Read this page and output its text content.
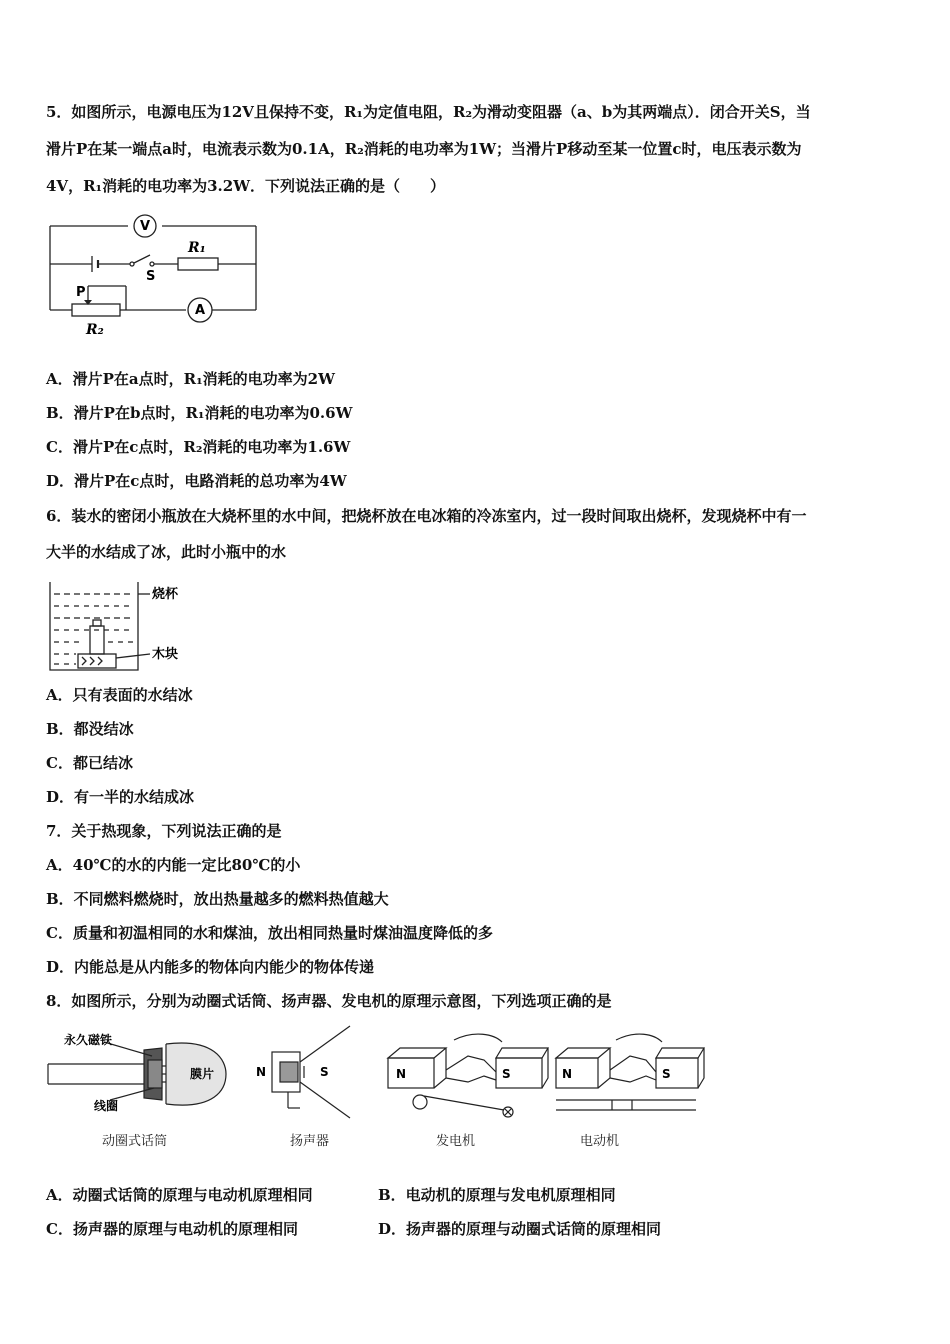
5．如图所示，电源电压为12V且保持不变，R₁为定值电阻，R₂为滑动变阻器（a、b为其两端点）．闭合开关S，当
滑片P在某一端点a时，电流表示数为0.1A，R₂消耗的电功率为1W；当滑片P移动至某一位置c时，电压表示数为
4V，R₁消耗的电功率为3.2W．下列说法正确的是（　　）
V
A
R₁
R₂
S
P
A．滑片P在a点时，R₁消耗的电功率为2W
B．滑片P在b点时，R₁消耗的电功率为0.6W
C．滑片P在c点时，R₂消耗的电功率为1.6W
D．滑片P在c点时，电路消耗的总功率为4W
6．装水的密闭小瓶放在大烧杯里的水中间，把烧杯放在电冰箱的冷冻室内，过一段时间取出烧杯，发现烧杯中有一
大半的水结成了冰，此时小瓶中的水
烧杯
木块
A．只有表面的水结冰
B．都没结冰
C．都已结冰
D．有一半的水结成冰
7．关于热现象，下列说法正确的是
A．40℃的水的内能一定比80℃的小
B．不同燃料燃烧时，放出热量越多的燃料热值越大
C．质量和初温相同的水和煤油，放出相同热量时煤油温度降低的多
D．内能总是从内能多的物体向内能少的物体传递
8．如图所示，分别为动圈式话筒、扬声器、发电机的原理示意图，下列选项正确的是
永久磁铁
膜片
线圈
动圈式话筒
N	S
扬声器
N	S
发电机
N	S
电动机
A．动圈式话筒的原理与电动机原理相同	B．电动机的原理与发电机原理相同
C．扬声器的原理与电动机的原理相同	D．扬声器的原理与动圈式话筒的原理相同
